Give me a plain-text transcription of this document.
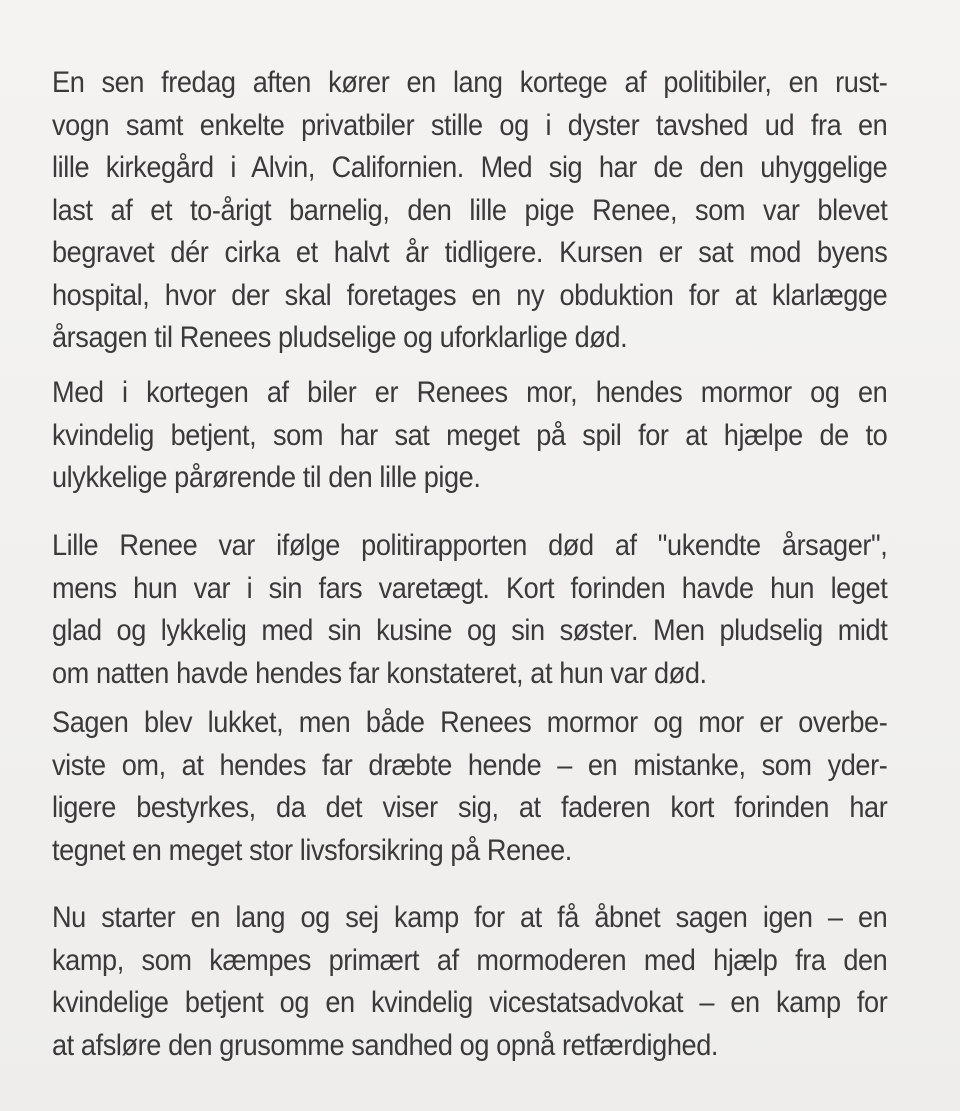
En sen fredag aften kører en lang kortege af politibiler, en rust-
vogn samt enkelte privatbiler stille og i dyster tavshed ud fra en
lille kirkegård i Alvin, Californien. Med sig har de den uhyggelige
last af et to-årigt barnelig, den lille pige Renee, som var blevet
begravet dér cirka et halvt år tidligere. Kursen er sat mod byens
hospital, hvor der skal foretages en ny obduktion for at klarlægge
årsagen til Renees pludselige og uforklarlige død.

Med i kortegen af biler er Renees mor, hendes mormor og en
kvindelig betjent, som har sat meget på spil for at hjælpe de to
ulykkelige pårørende til den lille pige.

Lille Renee var ifølge politirapporten død af "ukendte årsager",
mens hun var i sin fars varetægt. Kort forinden havde hun leget
glad og lykkelig med sin kusine og sin søster. Men pludselig midt
om natten havde hendes far konstateret, at hun var død.

Sagen blev lukket, men både Renees mormor og mor er overbe-
viste om, at hendes far dræbte hende – en mistanke, som yder-
ligere bestyrkes, da det viser sig, at faderen kort forinden har
tegnet en meget stor livsforsikring på Renee.

Nu starter en lang og sej kamp for at få åbnet sagen igen – en
kamp, som kæmpes primært af mormoderen med hjælp fra den
kvindelige betjent og en kvindelig vicestatsadvokat – en kamp for
at afsløre den grusomme sandhed og opnå retfærdighed.
